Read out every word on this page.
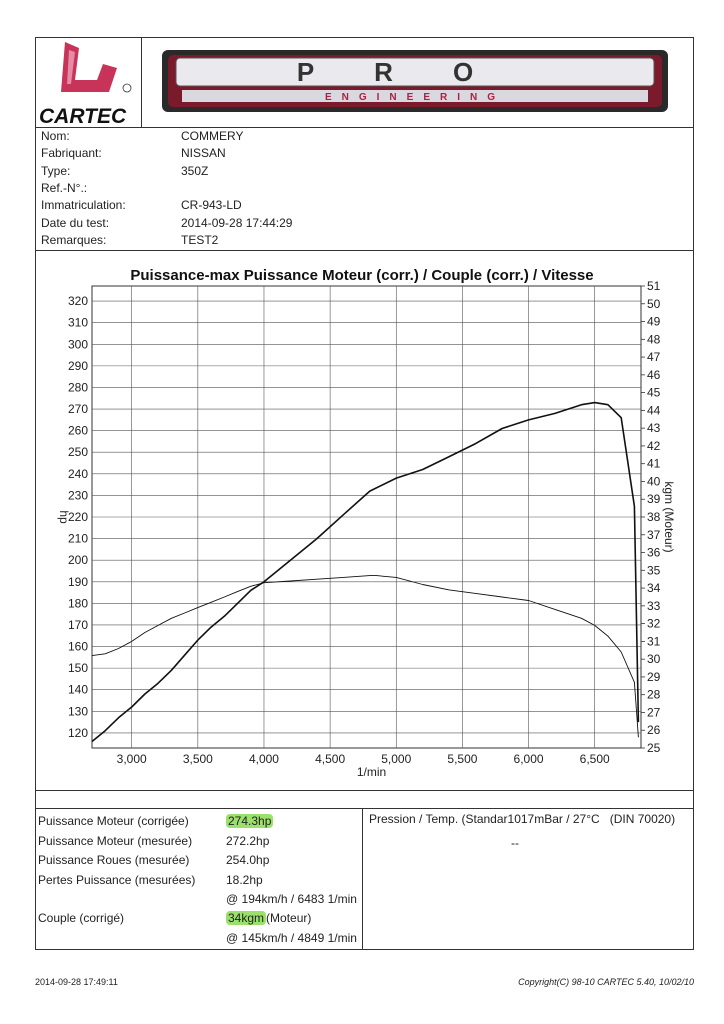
CARTEC
PRO
ENGINEERING
Nom:	COMMERY
Fabriquant:	NISSAN
Type:	350Z
Ref.-N°.:
Immatriculation:	CR-943-LD
Date du test:	2014-09-28 17:44:29
Remarques:	TEST2
Puissance-max Puissance Moteur (corr.) / Couple (corr.) / Vitesse
120
130
140
150
160
170
180
190
200
210
220
230
240
250
260
270
280
290
300
310
320
3,000	3,500	4,000	4,500	5,000	5,500	6,000	6,500
25
26
27
28
29
30
31
32
33
34
35
36
37
38
39
40
41
42
43
44
45
46
47
48
49
50
51
1/min
hp	kgm (Moteur)
Puissance Moteur (corrigée)	274.3hp
Puissance Moteur (mesurée)	272.2hp
Puissance Roues (mesurée)	254.0hp
Pertes Puissance (mesurées)	18.2hp
@ 194km/h / 6483 1/min
Couple (corrigé)	34kgm (Moteur)
@ 145km/h / 4849 1/min
Pression / Temp. (Standar1017mBar / 27°C (DIN 70020)
--
2014-09-28 17:49:11	Copyright(C) 98-10 CARTEC 5.40, 10/02/10
